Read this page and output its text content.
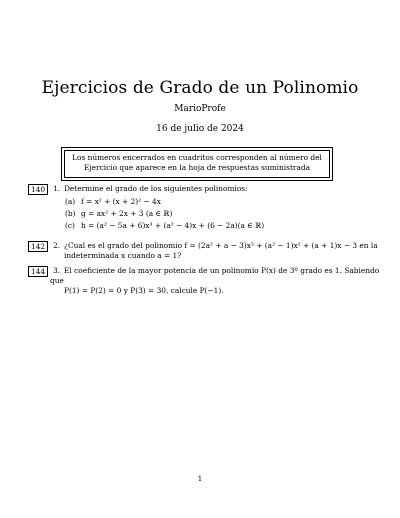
Ejercicios de Grado de un Polinomio
MarioProfe
16 de julio de 2024
Los números encerrados en cuadritos corresponden al número del Ejercicio que aparece en la hoja de respuestas suministrada
140	1. Determine el grado de los siguientes polinomios:
(a) f = x² + (x + 2)² − 4x
(b) g = ax² + 2x + 3 (a ∈ ℝ)
(c) h = (a² − 5a + 6)x³ + (a² − 4)x + (6 − 2a)(a ∈ ℝ)
142	2. ¿Cual es el grado del polinomio f = (2a² + a − 3)x³ + (a² − 1)x² + (a + 1)x − 3 en la
indeterminada x cuando a = 1?
144	3. El coeficiente de la mayor potencia de un polinomio P(x) de 3º grado es 1. Sabiendo que
P(1) = P(2) = 0 y P(3) = 30, calcule P(−1).
1
